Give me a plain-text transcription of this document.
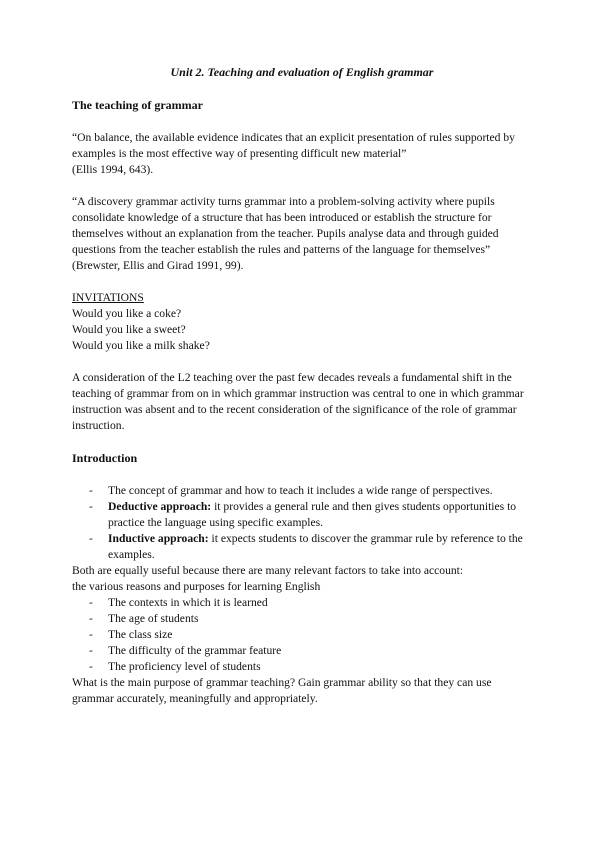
Unit 2. Teaching and evaluation of English grammar

The teaching of grammar

“On balance, the available evidence indicates that an explicit presentation of rules supported by examples is the most effective way of presenting difficult new material”

(Ellis 1994, 643).

“A discovery grammar activity turns grammar into a problem-solving activity where pupils consolidate knowledge of a structure that has been introduced or establish the structure for themselves without an explanation from the teacher. Pupils analyse data and through guided questions from the teacher establish the rules and patterns of the language for themselves”

(Brewster, Ellis and Girad 1991, 99).

INVITATIONS

Would you like a coke?

Would you like a sweet?

Would you like a milk shake?

A consideration of the L2 teaching over the past few decades reveals a fundamental shift in the teaching of grammar from on in which grammar instruction was central to one in which grammar instruction was absent and to the recent consideration of the significance of the role of grammar instruction.

Introduction

- The concept of grammar and how to teach it includes a wide range of perspectives.
- Deductive approach: it provides a general rule and then gives students opportunities to practice the language using specific examples.
- Inductive approach: it expects students to discover the grammar rule by reference to the examples.

Both are equally useful because there are many relevant factors to take into account:

the various reasons and purposes for learning English

- The contexts in which it is learned
- The age of students
- The class size
- The difficulty of the grammar feature
- The proficiency level of students

What is the main purpose of grammar teaching? Gain grammar ability so that they can use grammar accurately, meaningfully and appropriately.
